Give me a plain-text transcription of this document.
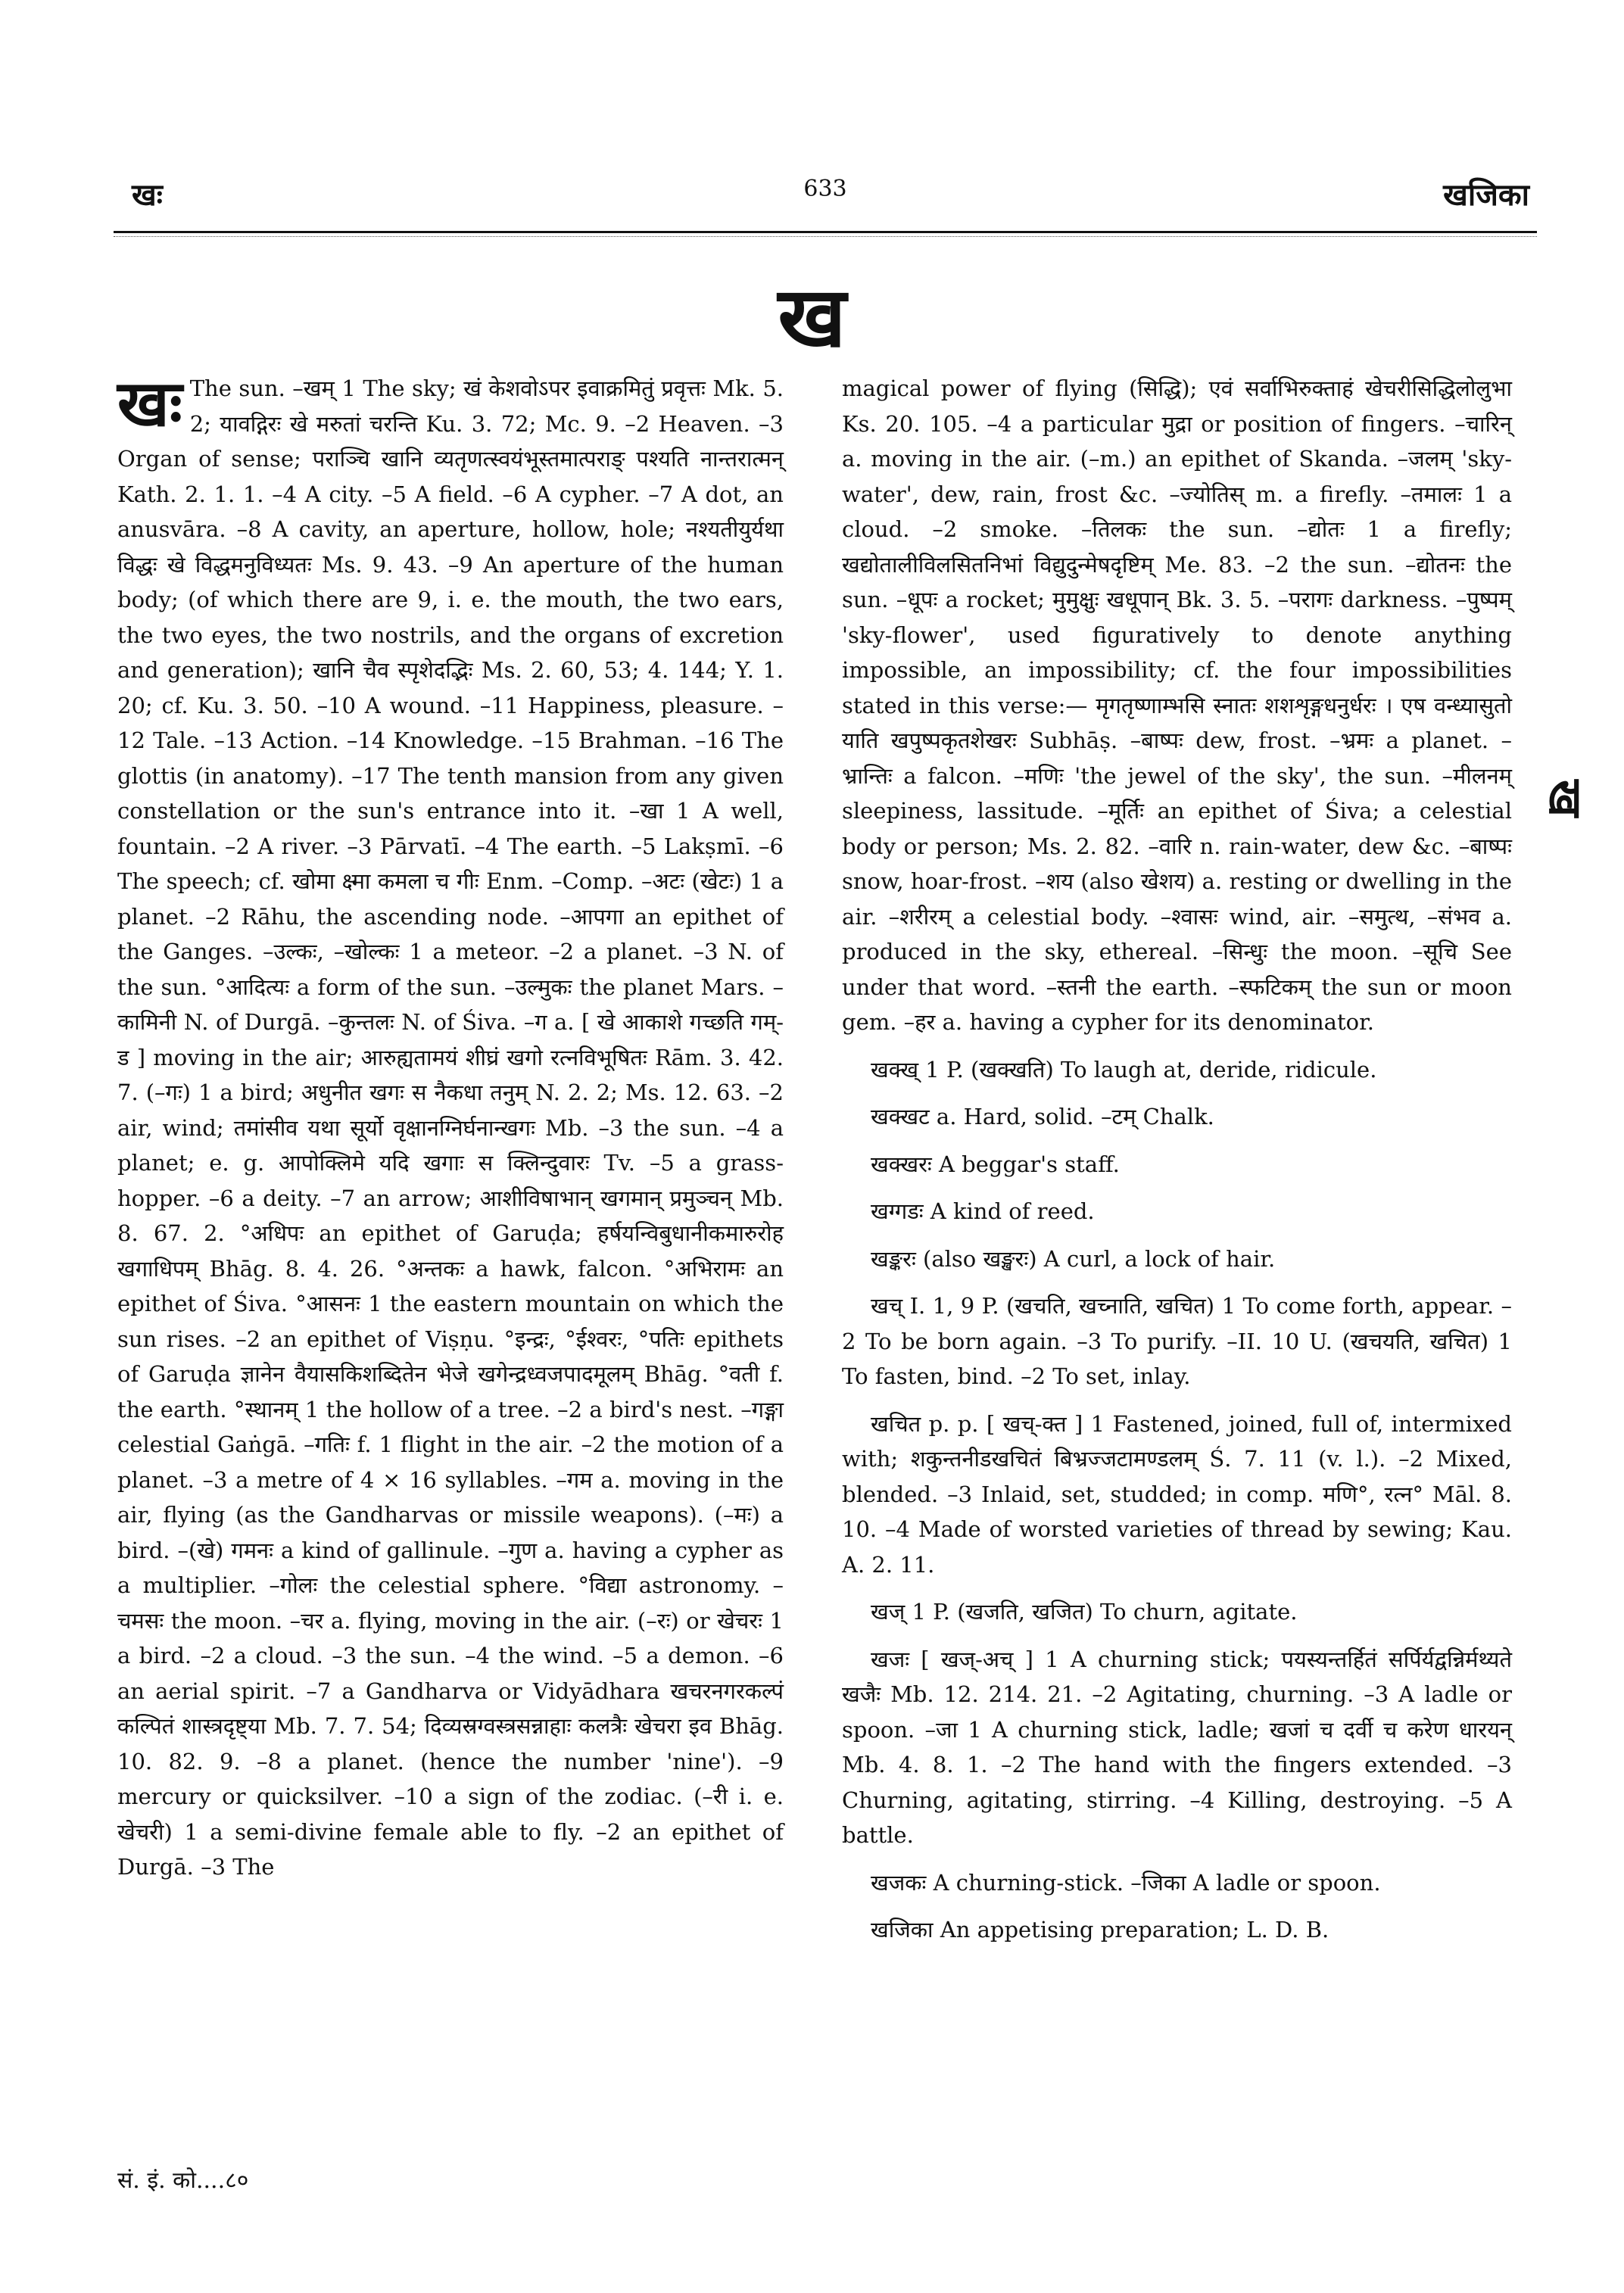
खः	633	खजिका
ख

खः The sun. –खम् 1 The sky; खं केशवोऽपर इवाक्रमितुं प्रवृत्तः Mk. 5. 2; यावद्गिरः खे मरुतां चरन्ति Ku. 3. 72; Mc. 9. –2 Heaven. –3 Organ of sense; पराञ्चि खानि व्यतृणत्स्वयंभूस्तमात्पराङ् पश्यति नान्तरात्मन् Kath. 2. 1. 1. –4 A city. –5 A field. –6 A cypher. –7 A dot, an anusvāra. –8 A cavity, an aperture, hollow, hole; नश्यतीयुर्यथा विद्धः खे विद्धमनुविध्यतः Ms. 9. 43. –9 An aperture of the human body; (of which there are 9, i. e. the mouth, the two ears, the two eyes, the two nostrils, and the organs of excretion and generation); खानि चैव स्पृशेदद्भिः Ms. 2. 60, 53; 4. 144; Y. 1. 20; cf. Ku. 3. 50. –10 A wound. –11 Happiness, pleasure. –12 Tale. –13 Action. –14 Knowledge. –15 Brahman. –16 The glottis (in anatomy). –17 The tenth mansion from any given constellation or the sun's entrance into it. –खा 1 A well, fountain. –2 A river. –3 Pārvatī. –4 The earth. –5 Lakṣmī. –6 The speech; cf. खोमा क्ष्मा कमला च गीः Enm. –Comp. –अटः (खेटः) 1 a planet. –2 Rāhu, the ascending node. –आपगा an epithet of the Ganges. –उल्कः, –खोल्कः 1 a meteor. –2 a planet. –3 N. of the sun. °आदित्यः a form of the sun. –उल्मुकः the planet Mars. –कामिनी N. of Durgā. –कुन्तलः N. of Śiva. –ग a. [ खे आकाशे गच्छति गम्-ड ] moving in the air; आरुह्यतामयं शीघ्रं खगो रत्नविभूषितः Rām. 3. 42. 7. (–गः) 1 a bird; अधुनीत खगः स नैकधा तनुम् N. 2. 2; Ms. 12. 63. –2 air, wind; तमांसीव यथा सूर्यो वृक्षानग्निर्घनान्खगः Mb. –3 the sun. –4 a planet; e. g. आपोक्लिमे यदि खगाः स क्लिन्दुवारः Tv. –5 a grass-hopper. –6 a deity. –7 an arrow; आशीविषाभान् खगमान् प्रमुञ्चन् Mb. 8. 67. 2. °अधिपः an epithet of Garuḍa; हर्षयन्विबुधानीकमारुरोह खगाधिपम् Bhāg. 8. 4. 26. °अन्तकः a hawk, falcon. °अभिरामः an epithet of Śiva. °आसनः 1 the eastern mountain on which the sun rises. –2 an epithet of Viṣṇu. °इन्द्रः, °ईश्वरः, °पतिः epithets of Garuḍa ज्ञानेन वैयासकिशब्दितेन भेजे खगेन्द्रध्वजपादमूलम् Bhāg. °वती f. the earth. °स्थानम् 1 the hollow of a tree. –2 a bird's nest. –गङ्गा celestial Gaṅgā. –गतिः f. 1 flight in the air. –2 the motion of a planet. –3 a metre of 4 × 16 syllables. –गम a. moving in the air, flying (as the Gandharvas or missile weapons). (–मः) a bird. –(खे) गमनः a kind of gallinule. –गुण a. having a cypher as a multiplier. –गोलः the celestial sphere. °विद्या astronomy. –चमसः the moon. –चर a. flying, moving in the air. (–रः) or खेचरः 1 a bird. –2 a cloud. –3 the sun. –4 the wind. –5 a demon. –6 an aerial spirit. –7 a Gandharva or Vidyādhara खचरनगरकल्पं कल्पितं शास्त्रदृष्ट्या Mb. 7. 7. 54; दिव्यस्रग्वस्त्रसन्नाहाः कलत्रैः खेचरा इव Bhāg. 10. 82. 9. –8 a planet. (hence the number 'nine'). –9 mercury or quicksilver. –10 a sign of the zodiac. (–री i. e. खेचरी) 1 a semi-divine female able to fly. –2 an epithet of Durgā. –3 The

magical power of flying (सिद्धि); एवं सर्वाभिरुक्ताहं खेचरीसिद्धिलोलुभा Ks. 20. 105. –4 a particular मुद्रा or position of fingers. –चारिन् a. moving in the air. (–m.) an epithet of Skanda. –जलम् 'sky-water', dew, rain, frost &c. –ज्योतिस् m. a firefly. –तमालः 1 a cloud. –2 smoke. –तिलकः the sun. –द्योतः 1 a firefly; खद्योतालीविलसितनिभां विद्युदुन्मेषदृष्टिम् Me. 83. –2 the sun. –द्योतनः the sun. –धूपः a rocket; मुमुक्षुः खधूपान् Bk. 3. 5. –परागः darkness. –पुष्पम् 'sky-flower', used figuratively to denote anything impossible, an impossibility; cf. the four impossibilities stated in this verse:— मृगतृष्णाम्भसि स्नातः शशशृङ्गधनुर्धरः । एष वन्ध्यासुतो याति खपुष्पकृतशेखरः Subhāṣ. –बाष्पः dew, frost. –भ्रमः a planet. –भ्रान्तिः a falcon. –मणिः 'the jewel of the sky', the sun. –मीलनम् sleepiness, lassitude. –मूर्तिः an epithet of Śiva; a celestial body or person; Ms. 2. 82. –वारि n. rain-water, dew &c. –बाष्पः snow, hoar-frost. –शय (also खेशय) a. resting or dwelling in the air. –शरीरम् a celestial body. –श्वासः wind, air. –समुत्थ, –संभव a. produced in the sky, ethereal. –सिन्धुः the moon. –सूचि See under that word. –स्तनी the earth. –स्फटिकम् the sun or moon gem. –हर a. having a cypher for its denominator.

खक्ख् 1 P. (खक्खति) To laugh at, deride, ridicule.

खक्खट a. Hard, solid. –टम् Chalk.

खक्खरः A beggar's staff.

खग्गडः A kind of reed.

खङ्करः (also खङ्खरः) A curl, a lock of hair.

खच् I. 1, 9 P. (खचति, खच्नाति, खचित) 1 To come forth, appear. –2 To be born again. –3 To purify. –II. 10 U. (खचयति, खचित) 1 To fasten, bind. –2 To set, inlay.

खचित p. p. [ खच्-क्त ] 1 Fastened, joined, full of, intermixed with; शकुन्तनीडखचितं बिभ्रज्जटामण्डलम् Ś. 7. 11 (v. l.). –2 Mixed, blended. –3 Inlaid, set, studded; in comp. मणि°, रत्न° Māl. 8. 10. –4 Made of worsted varieties of thread by sewing; Kau. A. 2. 11.

खज् 1 P. (खजति, खजित) To churn, agitate.

खजः [ खज्-अच् ] 1 A churning stick; पयस्यन्तर्हितं सर्पिर्यद्वन्निर्मथ्यते खजैः Mb. 12. 214. 21. –2 Agitating, churning. –3 A ladle or spoon. –जा 1 A churning stick, ladle; खजां च दर्वी च करेण धारयन् Mb. 4. 8. 1. –2 The hand with the fingers extended. –3 Churning, agitating, stirring. –4 Killing, destroying. –5 A battle.

खजकः A churning-stick. –जिका A ladle or spoon.

खजिका An appetising preparation; L. D. B.

ख
सं. इं. को....८०
